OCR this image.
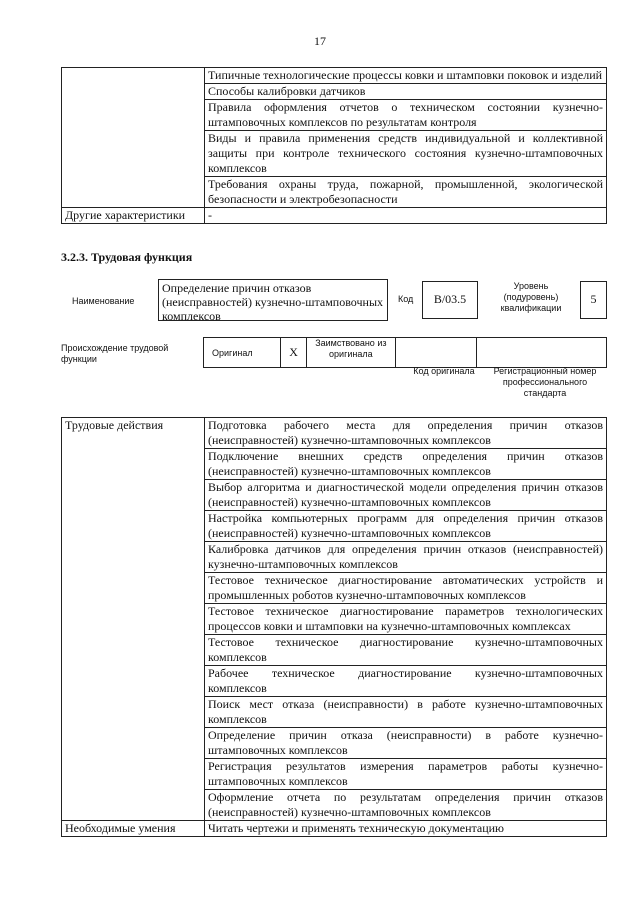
17
	Типичные технологические процессы ковки и штамповки поковок и изделий
	Способы калибровки датчиков
	Правила оформления отчетов о техническом состоянии кузнечно-штамповочных комплексов по результатам контроля
	Виды и правила применения средств индивидуальной и коллективной защиты при контроле технического состояния кузнечно-штамповочных комплексов
	Требования охраны труда, пожарной, промышленной, экологической безопасности и электробезопасности
Другие характеристики	-
3.2.3. Трудовая функция
Наименование
Определение причин отказов (неисправностей) кузнечно-штамповочных комплексов
Код	B/03.5
Уровень (подуровень) квалификации
5
Происхождение трудовой функции
Оригинал	X	Заимствовано из оригинала		
Код оригинала	Регистрационный номер профессионального стандарта
Трудовые действия	Подготовка рабочего места для определения причин отказов (неисправностей) кузнечно-штамповочных комплексов
	Подключение внешних средств определения причин отказов (неисправностей) кузнечно-штамповочных комплексов
	Выбор алгоритма и диагностической модели определения причин отказов (неисправностей) кузнечно-штамповочных комплексов
	Настройка компьютерных программ для определения причин отказов (неисправностей) кузнечно-штамповочных комплексов
	Калибровка датчиков для определения причин отказов (неисправностей) кузнечно-штамповочных комплексов
	Тестовое техническое диагностирование автоматических устройств и промышленных роботов кузнечно-штамповочных комплексов
	Тестовое техническое диагностирование параметров технологических процессов ковки и штамповки на кузнечно-штамповочных комплексах
	Тестовое техническое диагностирование кузнечно-штамповочных комплексов
	Рабочее техническое диагностирование кузнечно-штамповочных комплексов
	Поиск мест отказа (неисправности) в работе кузнечно-штамповочных комплексов
	Определение причин отказа (неисправности) в работе кузнечно-штамповочных комплексов
	Регистрация результатов измерения параметров работы кузнечно-штамповочных комплексов
	Оформление отчета по результатам определения причин отказов (неисправностей) кузнечно-штамповочных комплексов
Необходимые умения	Читать чертежи и применять техническую документацию
